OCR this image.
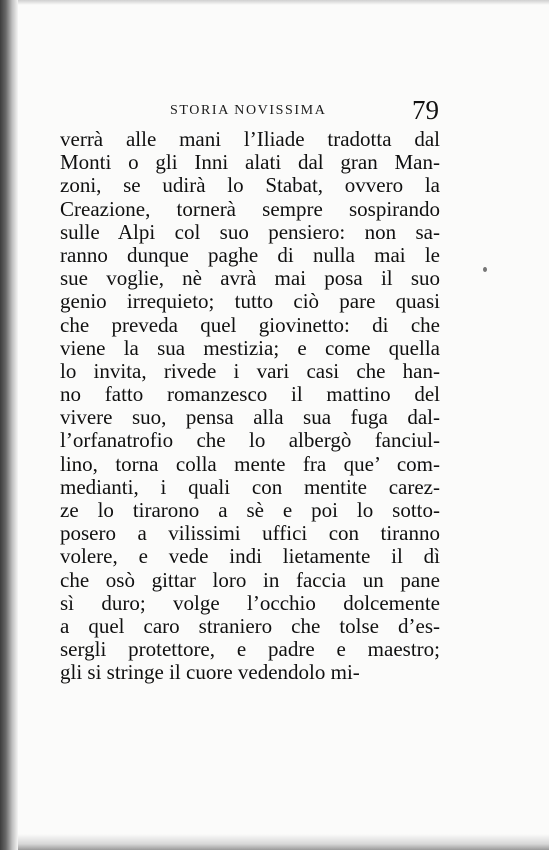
STORIA NOVISSIMA	79
verrà alle mani l’Iliade tradotta dal
Monti o gli Inni alati dal gran Man-
zoni, se udirà lo Stabat, ovvero la
Creazione, tornerà sempre sospirando
sulle Alpi col suo pensiero: non sa-
ranno dunque paghe di nulla mai le
sue voglie, nè avrà mai posa il suo
genio irrequieto; tutto ciò pare quasi
che preveda quel giovinetto: di che
viene la sua mestizia; e come quella
lo invita, rivede i vari casi che han-
no fatto romanzesco il mattino del
vivere suo, pensa alla sua fuga dal-
l’orfanatrofio che lo albergò fanciul-
lino, torna colla mente fra que’ com-
medianti, i quali con mentite carez-
ze lo tirarono a sè e poi lo sotto-
posero a vilissimi uffici con tiranno
volere, e vede indi lietamente il dì
che osò gittar loro in faccia un pane
sì duro; volge l’occhio dolcemente
a quel caro straniero che tolse d’es-
sergli protettore, e padre e maestro;
gli si stringe il cuore vedendolo mi-
